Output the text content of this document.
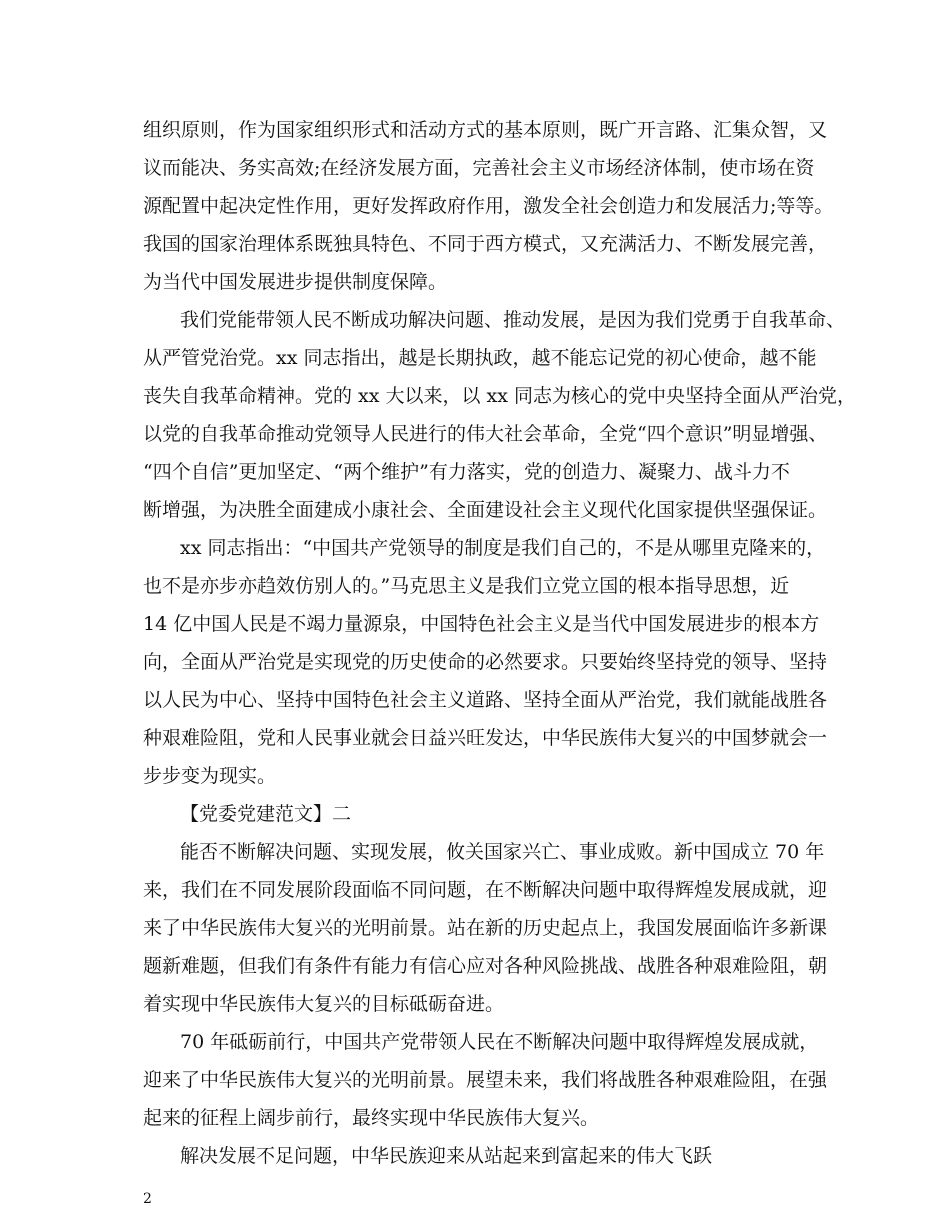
组织原则，作为国家组织形式和活动方式的基本原则，既广开言路、汇集众智，又
议而能决、务实高效;在经济发展方面，完善社会主义市场经济体制，使市场在资
源配置中起决定性作用，更好发挥政府作用，激发全社会创造力和发展活力;等等。
我国的国家治理体系既独具特色、不同于西方模式，又充满活力、不断发展完善，
为当代中国发展进步提供制度保障。
我们党能带领人民不断成功解决问题、推动发展，是因为我们党勇于自我革命、
从严管党治党。xx 同志指出，越是长期执政，越不能忘记党的初心使命，越不能
丧失自我革命精神。党的 xx 大以来，以 xx 同志为核心的党中央坚持全面从严治党，
以党的自我革命推动党领导人民进行的伟大社会革命，全党“四个意识”明显增强、
“四个自信”更加坚定、“两个维护”有力落实，党的创造力、凝聚力、战斗力不
断增强，为决胜全面建成小康社会、全面建设社会主义现代化国家提供坚强保证。
xx 同志指出：“中国共产党领导的制度是我们自己的，不是从哪里克隆来的，
也不是亦步亦趋效仿别人的。”马克思主义是我们立党立国的根本指导思想，近
14 亿中国人民是不竭力量源泉，中国特色社会主义是当代中国发展进步的根本方
向，全面从严治党是实现党的历史使命的必然要求。只要始终坚持党的领导、坚持
以人民为中心、坚持中国特色社会主义道路、坚持全面从严治党，我们就能战胜各
种艰难险阻，党和人民事业就会日益兴旺发达，中华民族伟大复兴的中国梦就会一
步步变为现实。
【党委党建范文】二
能否不断解决问题、实现发展，攸关国家兴亡、事业成败。新中国成立 70 年
来，我们在不同发展阶段面临不同问题，在不断解决问题中取得辉煌发展成就，迎
来了中华民族伟大复兴的光明前景。站在新的历史起点上，我国发展面临许多新课
题新难题，但我们有条件有能力有信心应对各种风险挑战、战胜各种艰难险阻，朝
着实现中华民族伟大复兴的目标砥砺奋进。
70 年砥砺前行，中国共产党带领人民在不断解决问题中取得辉煌发展成就，
迎来了中华民族伟大复兴的光明前景。展望未来，我们将战胜各种艰难险阻，在强
起来的征程上阔步前行，最终实现中华民族伟大复兴。
解决发展不足问题，中华民族迎来从站起来到富起来的伟大飞跃
2
